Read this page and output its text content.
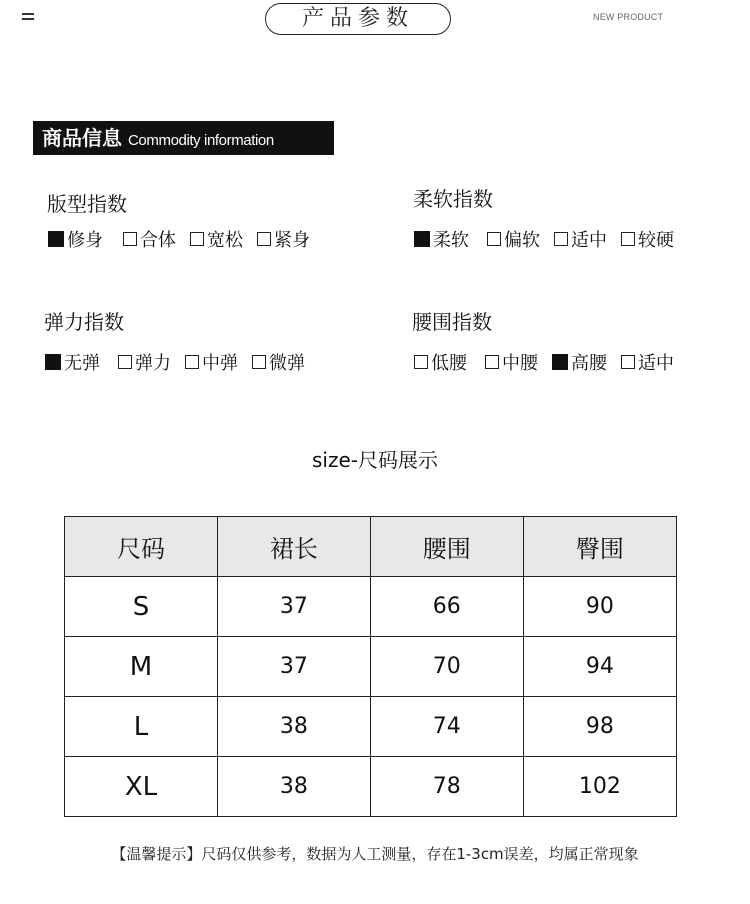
产品参数	NEW PRODUCT
商品信息 Commodity information
版型指数
修身 合体 宽松 紧身
柔软指数
柔软 偏软 适中 较硬
弹力指数
无弹 弹力 中弹 微弹
腰围指数
低腰 中腰 高腰 适中
size-尺码展示
尺码	裙长	腰围	臀围
S	37	66	90
M	37	70	94
L	38	74	98
XL	38	78	102
【温馨提示】尺码仅供参考，数据为人工测量，存在1-3cm误差，均属正常现象
